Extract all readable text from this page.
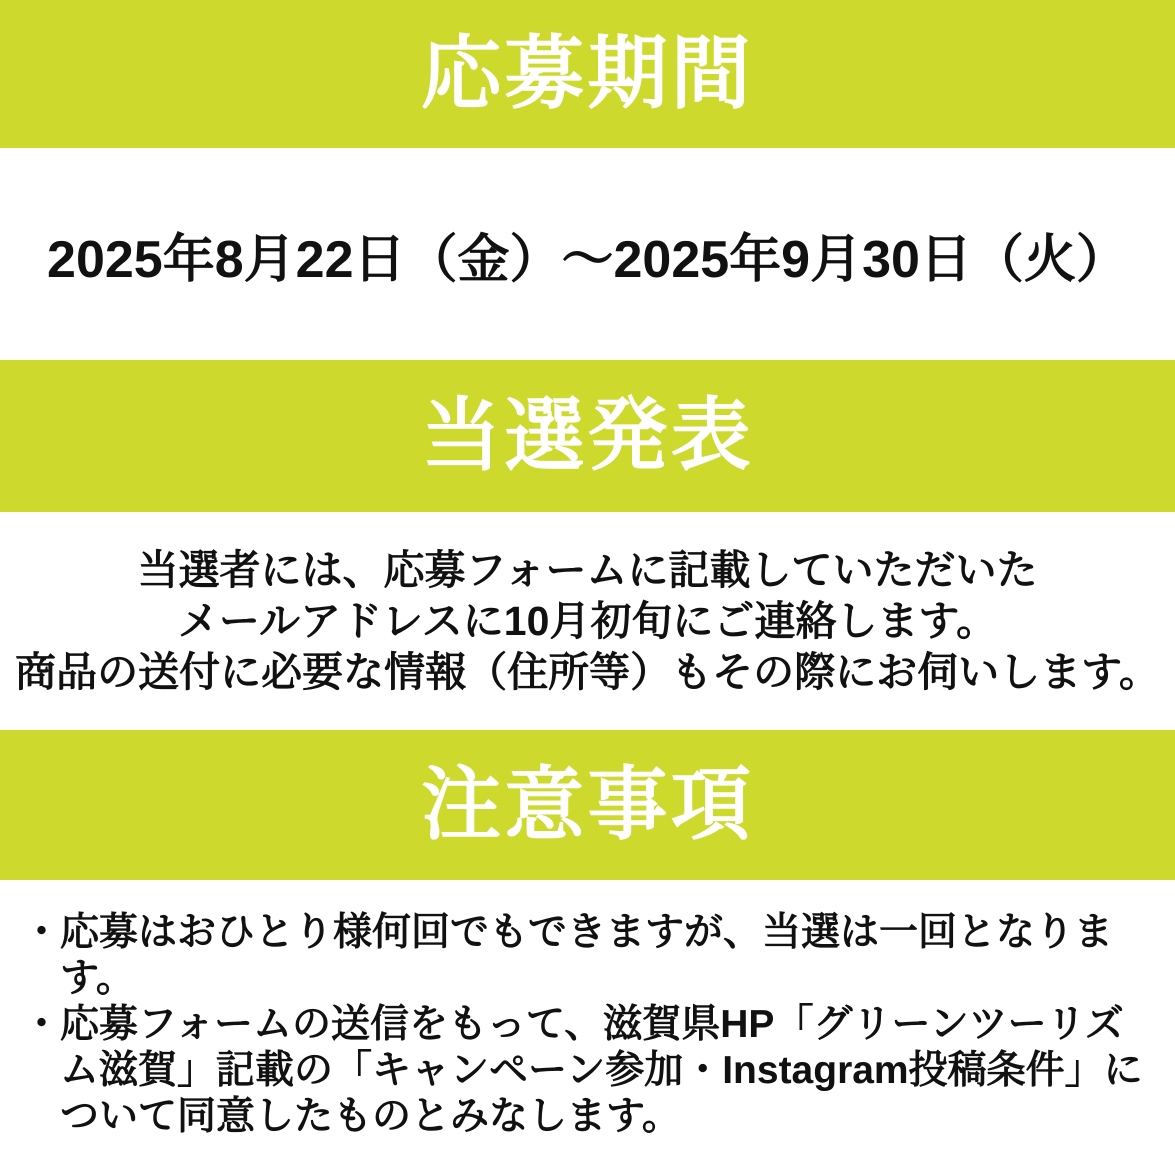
応募期間

2025年8月22日（金）～2025年9月30日（火）

当選発表

当選者には、応募フォームに記載していただいた

メールアドレスに10月初旬にご連絡します。

商品の送付に必要な情報（住所等）もその際にお伺いします。

注意事項
・
応募はおひとり様何回でもできますが、当選は一回となります。
・
応募フォームの送信をもって、滋賀県HP「グリーンツーリズム滋賀」記載の「キャンペーン参加・Instagram投稿条件」について同意したものとみなします。
